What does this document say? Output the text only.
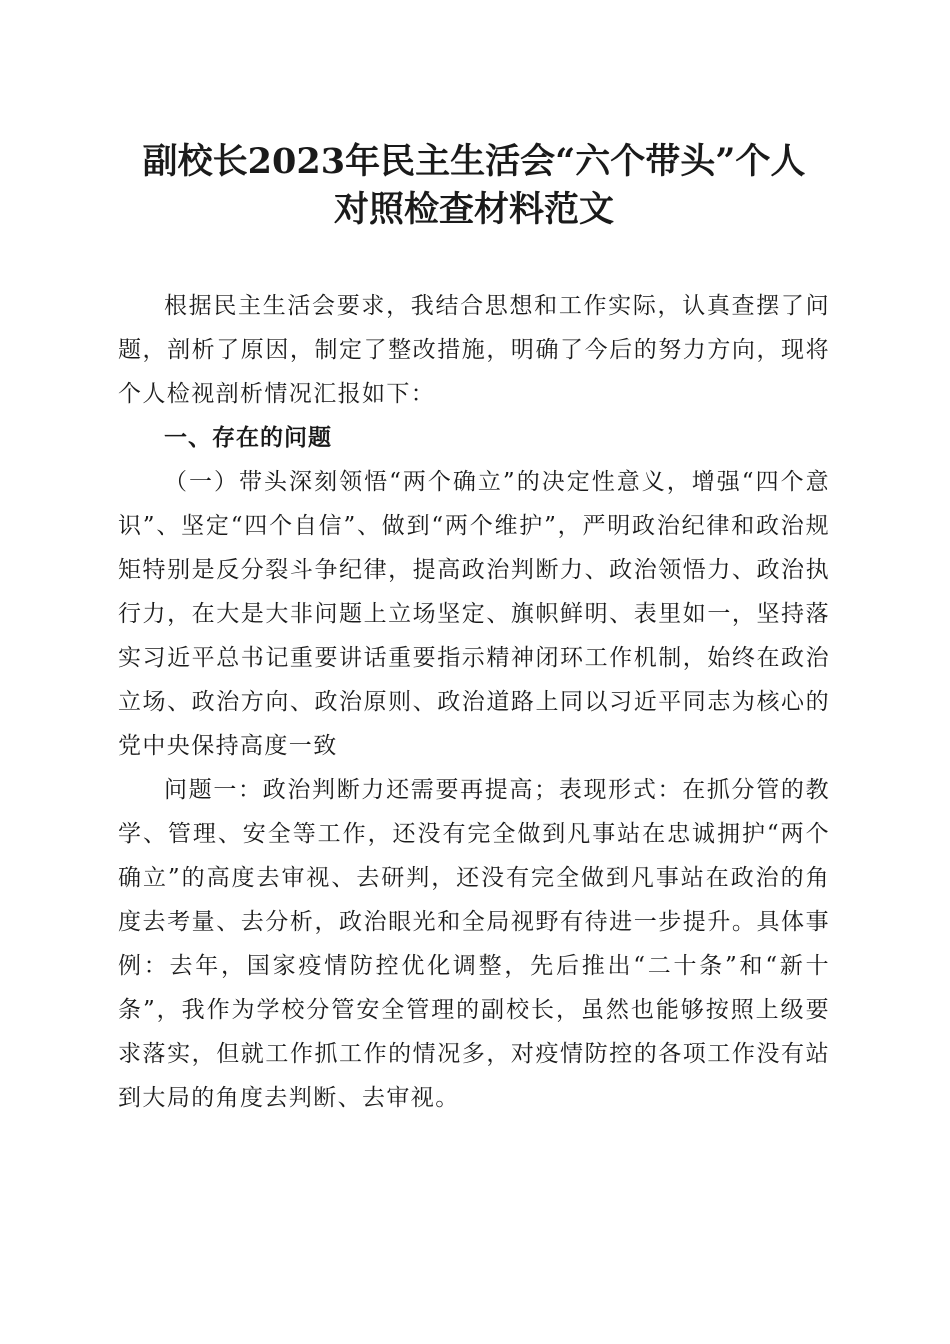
副校长2023年民主生活会“六个带头”个人
对照检查材料范文

根据民主生活会要求，我结合思想和工作实际，认真查摆了问题，剖析了原因，制定了整改措施，明确了今后的努力方向，现将个人检视剖析情况汇报如下：

一、存在的问题

（一）带头深刻领悟“两个确立”的决定性意义，增强“四个意识”、坚定“四个自信”、做到“两个维护”，严明政治纪律和政治规矩特别是反分裂斗争纪律，提高政治判断力、政治领悟力、政治执行力，在大是大非问题上立场坚定、旗帜鲜明、表里如一，坚持落实习近平总书记重要讲话重要指示精神闭环工作机制，始终在政治立场、政治方向、政治原则、政治道路上同以习近平同志为核心的党中央保持高度一致

问题一：政治判断力还需要再提高；表现形式：在抓分管的教学、管理、安全等工作，还没有完全做到凡事站在忠诚拥护“两个确立”的高度去审视、去研判，还没有完全做到凡事站在政治的角度去考量、去分析，政治眼光和全局视野有待进一步提升。具体事例：去年，国家疫情防控优化调整，先后推出“二十条”和“新十条”，我作为学校分管安全管理的副校长，虽然也能够按照上级要求落实，但就工作抓工作的情况多，对疫情防控的各项工作没有站到大局的角度去判断、去审视。
